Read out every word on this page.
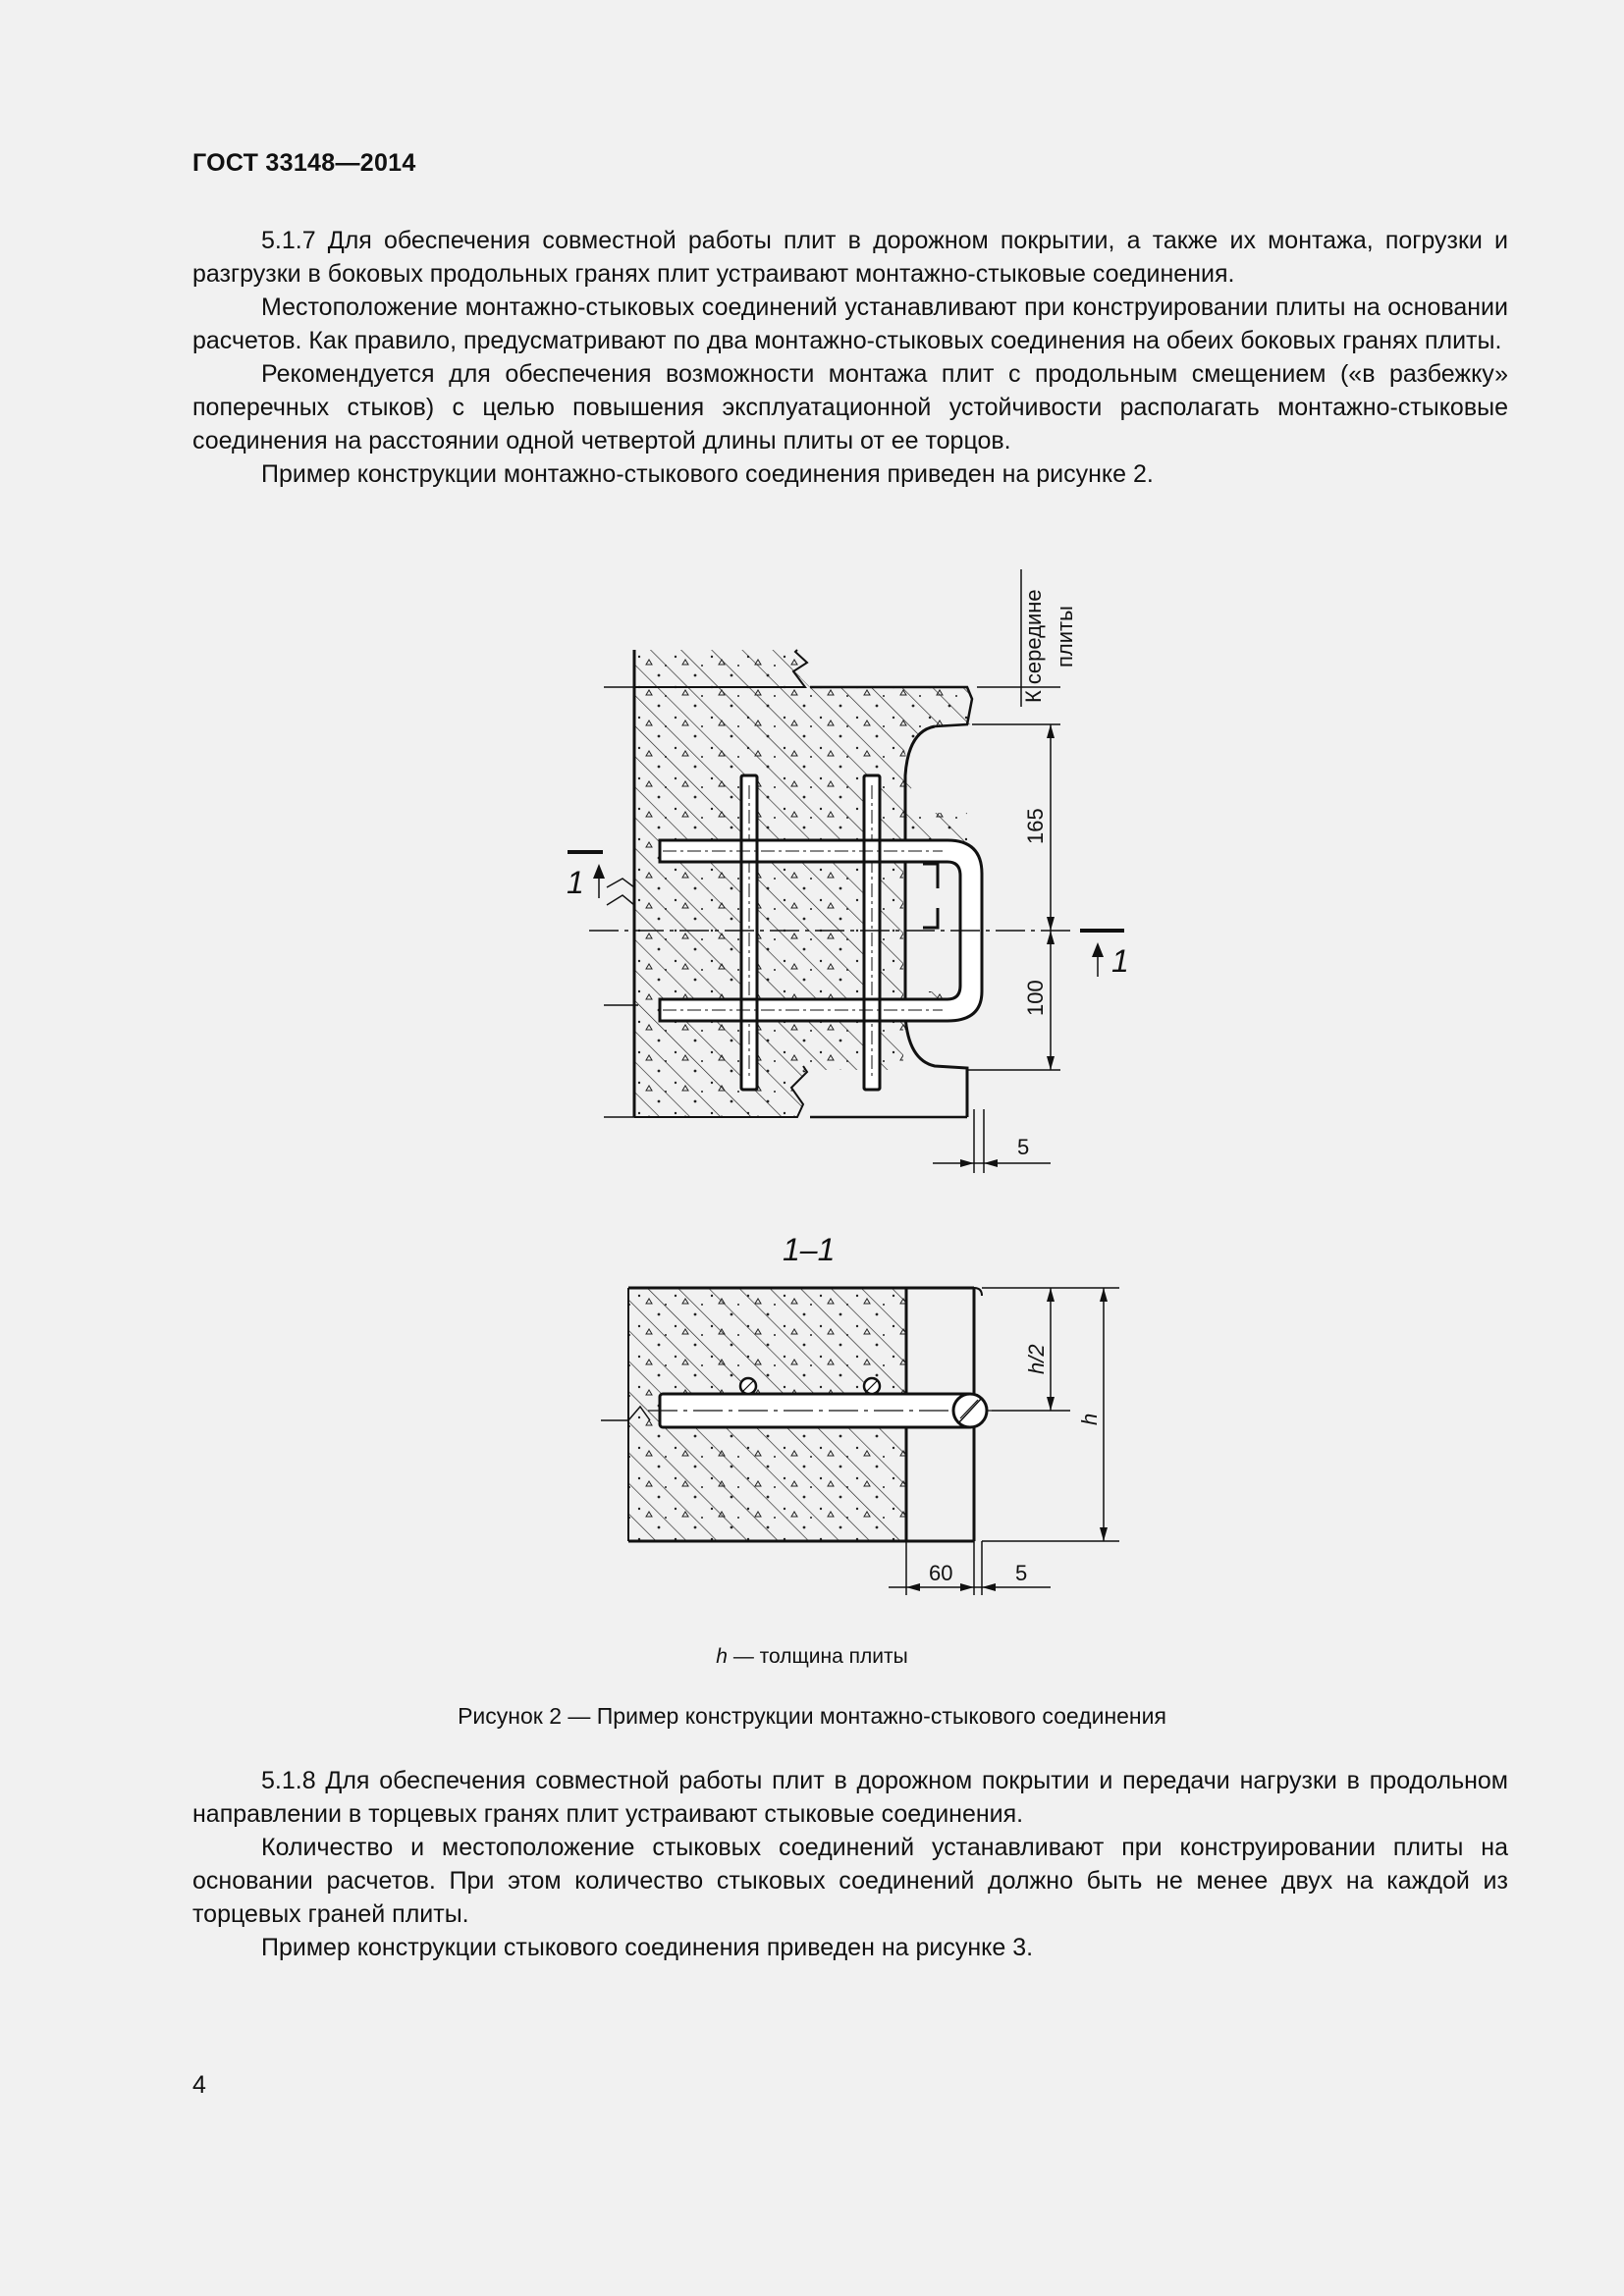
ГОСТ 33148—2014

5.1.7 Для обеспечения совместной работы плит в дорожном покрытии, а также их монтажа, погрузки и разгрузки в боковых продольных гранях плит устраивают монтажно-стыковые соединения.

Местоположение монтажно-стыковых соединений устанавливают при конструировании плиты на основании расчетов. Как правило, предусматривают по два монтажно-стыковых соединения на обеих боковых гранях плиты.

Рекомендуется для обеспечения возможности монтажа плит с продольным смещением («в разбежку» поперечных стыков) с целью повышения эксплуатационной устойчивости располагать монтажно-стыковые соединения на расстоянии одной четвертой длины плиты от ее торцов.

Пример конструкции монтажно-стыкового соединения приведен на рисунке 2.

1
1
К середине плиты
165
100
5
1–1
h/2
h
60	5
h — толщина плиты
Рисунок 2 — Пример конструкции монтажно-стыкового соединения

5.1.8 Для обеспечения совместной работы плит в дорожном покрытии и передачи нагрузки в продольном направлении в торцевых гранях плит устраивают стыковые соединения.

Количество и местоположение стыковых соединений устанавливают при конструировании плиты на основании расчетов. При этом количество стыковых соединений должно быть не менее двух на каждой из торцевых граней плиты.

Пример конструкции стыкового соединения приведен на рисунке 3.

4
